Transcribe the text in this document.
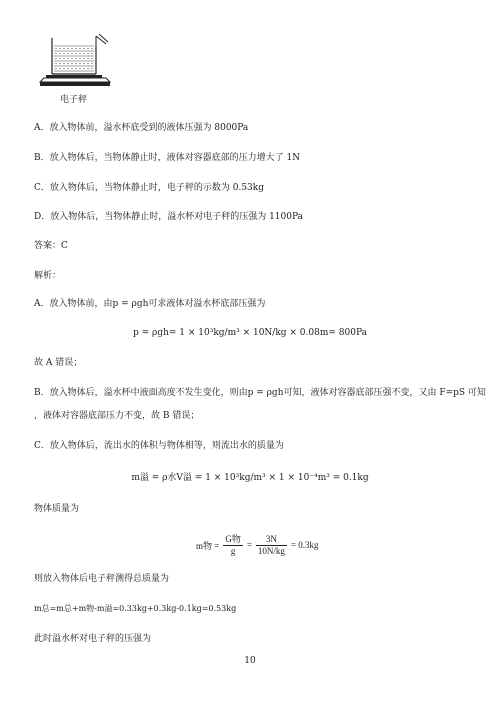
电子秤
A．放入物体前，溢水杯底受到的液体压强为 8000Pa
B．放入物体后，当物体静止时，液体对容器底部的压力增大了 1N
C．放入物体后，当物体静止时，电子秤的示数为 0.53kg
D．放入物体后，当物体静止时，溢水杯对电子秤的压强为 1100Pa
答案：C
解析：
A．放入物体前，由p = ρgh可求液体对溢水杯底部压强为
p = ρgh= 1 × 10³kg/m³ × 10N/kg × 0.08m= 800Pa
故 A 错误；
B．放入物体后，溢水杯中液面高度不发生变化，则由p = ρgh可知，液体对容器底部压强不变，又由 F=pS 可知
，液体对容器底部压力不变，故 B 错误；
C．放入物体后，流出水的体积与物体相等，则流出水的质量为
m溢 = ρ水V溢 = 1 × 10³kg/m³ × 1 × 10⁻⁴m³ = 0.1kg
物体质量为
m物 = $\frac{\text{G物}}{g} = \frac{3N}{10N/kg} = 0.3kg$
则放入物体后电子秤测得总质量为
m总=m总+m物-m溢=0.33kg+0.3kg-0.1kg=0.53kg
此时溢水杯对电子秤的压强为
10
